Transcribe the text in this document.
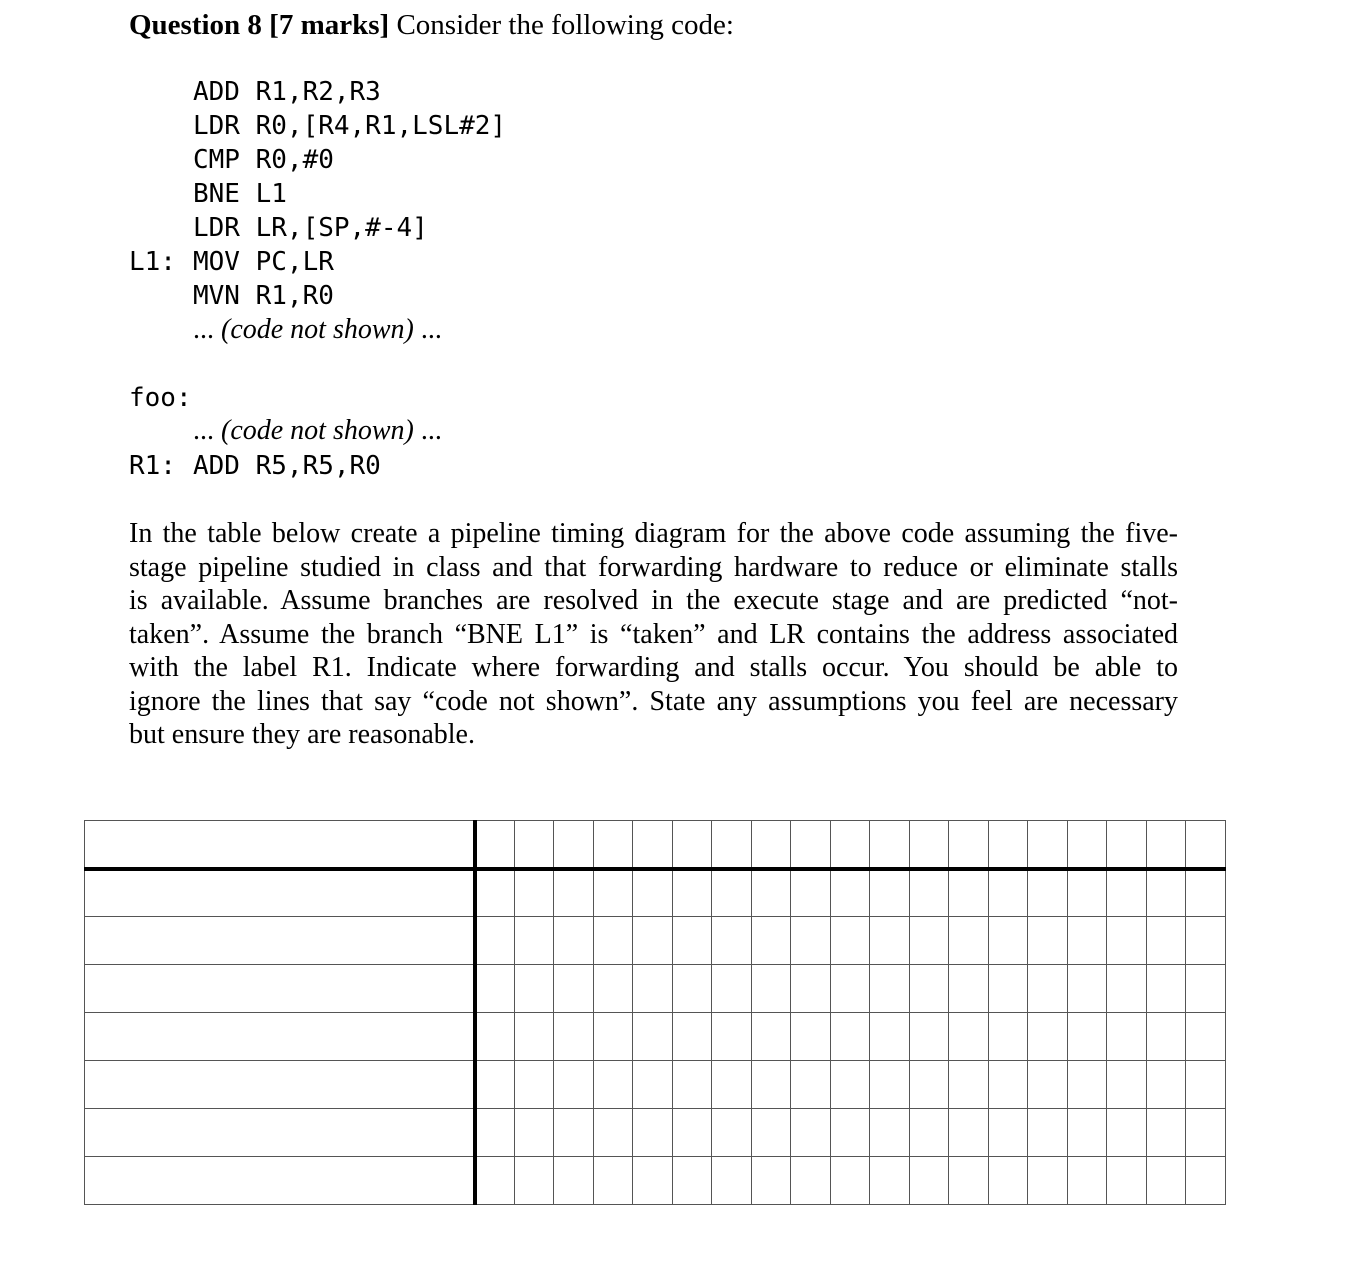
Question 8 [7 marks] Consider the following code:
ADD R1,R2,R3
LDR R0,[R4,R1,LSL#2]
CMP R0,#0
BNE L1
LDR LR,[SP,#-4]
L1: MOV PC,LR
MVN R1,R0
... (code not shown) ...
foo:
... (code not shown) ...
R1: ADD R5,R5,R0
In the table below create a pipeline timing diagram for the above code assuming the five-
stage pipeline studied in class and that forwarding hardware to reduce or eliminate stalls
is available. Assume branches are resolved in the execute stage and are predicted “not-
taken”. Assume the branch “BNE L1” is “taken” and LR contains the address associated
with the label R1. Indicate where forwarding and stalls occur. You should be able to
ignore the lines that say “code not shown”. State any assumptions you feel are necessary
but ensure they are reasonable.
